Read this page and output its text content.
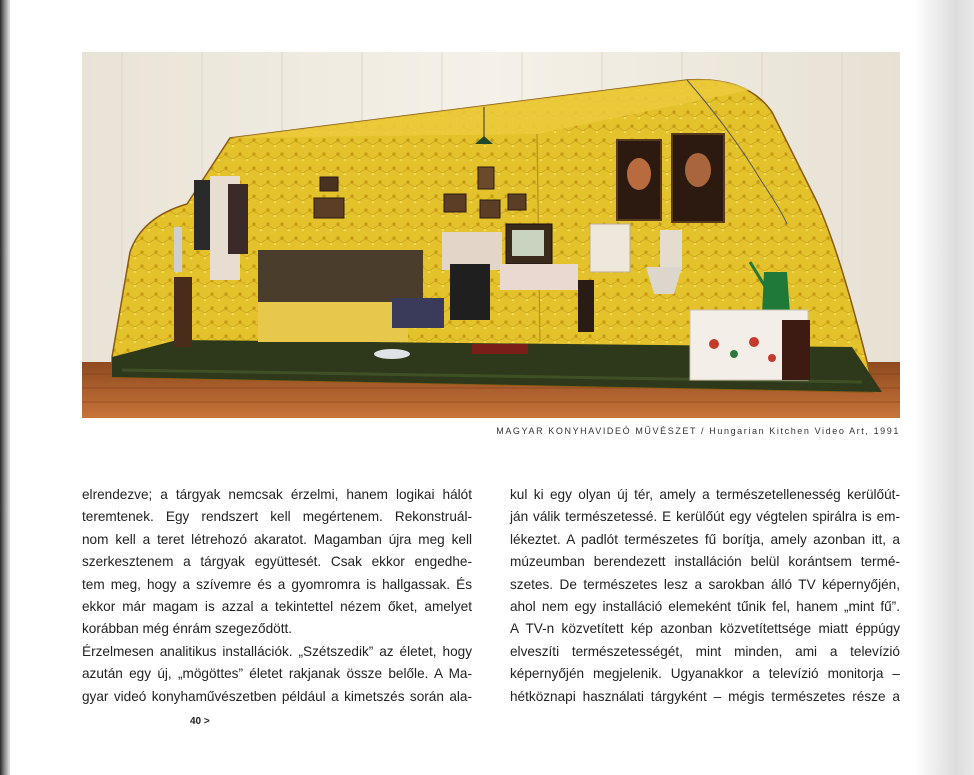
MAGYAR KONYHAVIDEÓ MŰVÉSZET / Hungarian Kitchen Video Art, 1991
elrendezve; a tárgyak nemcsak érzelmi, hanem logikai hálót
teremtenek. Egy rendszert kell megértenem. Rekonstruál-
nom kell a teret létrehozó akaratot. Magamban újra meg kell
szerkesztenem a tárgyak együttesét. Csak ekkor engedhe-
tem meg, hogy a szívemre és a gyomromra is hallgassak. És
ekkor már magam is azzal a tekintettel nézem őket, amelyet
korábban még énrám szegeződött.
Érzelmesen analitikus installációk. „Szétszedik” az életet, hogy
azután egy új, „mögöttes” életet rakjanak össze belőle. A Ma-
gyar videó konyhaművészetben például a kimetszés során ala-
kul ki egy olyan új tér, amely a természetellenesség kerülőút-
ján válik természetessé. E kerülőút egy végtelen spirálra is em-
lékeztet. A padlót természetes fű borítja, amely azonban itt, a
múzeumban berendezett installáción belül korántsem termé-
szetes. De természetes lesz a sarokban álló TV képernyőjén,
ahol nem egy installáció elemeként tűnik fel, hanem „mint fű”.
A TV-n közvetített kép azonban közvetítettsége miatt éppúgy
elveszíti természetességét, mint minden, ami a televízió
képernyőjén megjelenik. Ugyanakkor a televízió monitorja –
hétköznapi használati tárgyként – mégis természetes része a
40 >
